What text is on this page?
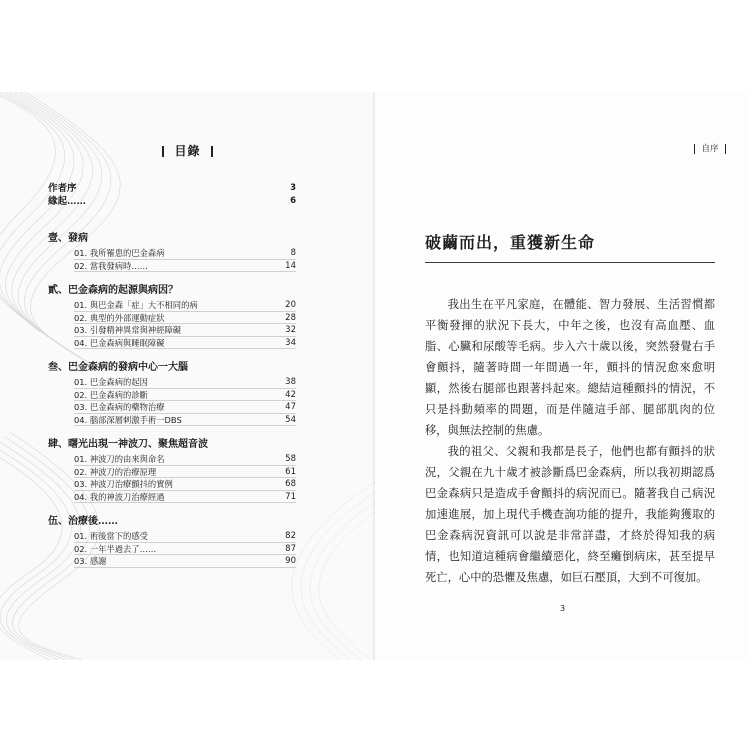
目錄
作者序	3
緣起……	6
壹、發病
01. 我所罹患的巴金森病	8
02. 當我發病時……	14
貳、巴金森病的起源與病因？
01. 與巴金森「症」大不相同的病	20
02. 典型的外部運動症狀	28
03. 引發精神異常與神經障礙	32
04. 巴金森病與睡眠障礙	34
叁、巴金森病的發病中心一大腦
01. 巴金森病的起因	38
02. 巴金森病的診斷	42
03. 巴金森病的藥物治療	47
04. 腦部深層刺激手術一DBS	54
肆、曙光出現一神波刀、聚焦超音波
01. 神波刀的由來與命名	58
02. 神波刀的治療原理	61
03. 神波刀治療顫抖的實例	68
04. 我的神波刀治療經過	71
伍、治療後……
01. 術後當下的感受	82
02. 一年半過去了……	87
03. 感謝	90
自序
破繭而出，重獲新生命

我出生在平凡家庭，在體能、智力發展、生活習慣都平衡發揮的狀況下長大，中年之後，也沒有高血壓、血脂、心臟和尿酸等毛病。步入六十歲以後，突然發覺右手會顫抖，隨著時間一年間過一年，顫抖的情況愈來愈明顯，然後右腿部也跟著抖起來。總結這種顫抖的情況，不只是抖動頻率的問題，而是伴隨這手部、腿部肌肉的位移，與無法控制的焦慮。

我的祖父、父親和我都是長子，他們也都有顫抖的狀況，父親在九十歲才被診斷爲巴金森病，所以我初期認爲巴金森病只是造成手會顫抖的病況而已。隨著我自己病況加速進展，加上現代手機查詢功能的提升，我能夠獲取的巴金森病況資訊可以說是非常詳盡，才終於得知我的病情，也知道這種病會繼續惡化，終至癱倒病床，甚至提早死亡，心中的恐懼及焦慮，如巨石壓頂，大到不可復加。

3
